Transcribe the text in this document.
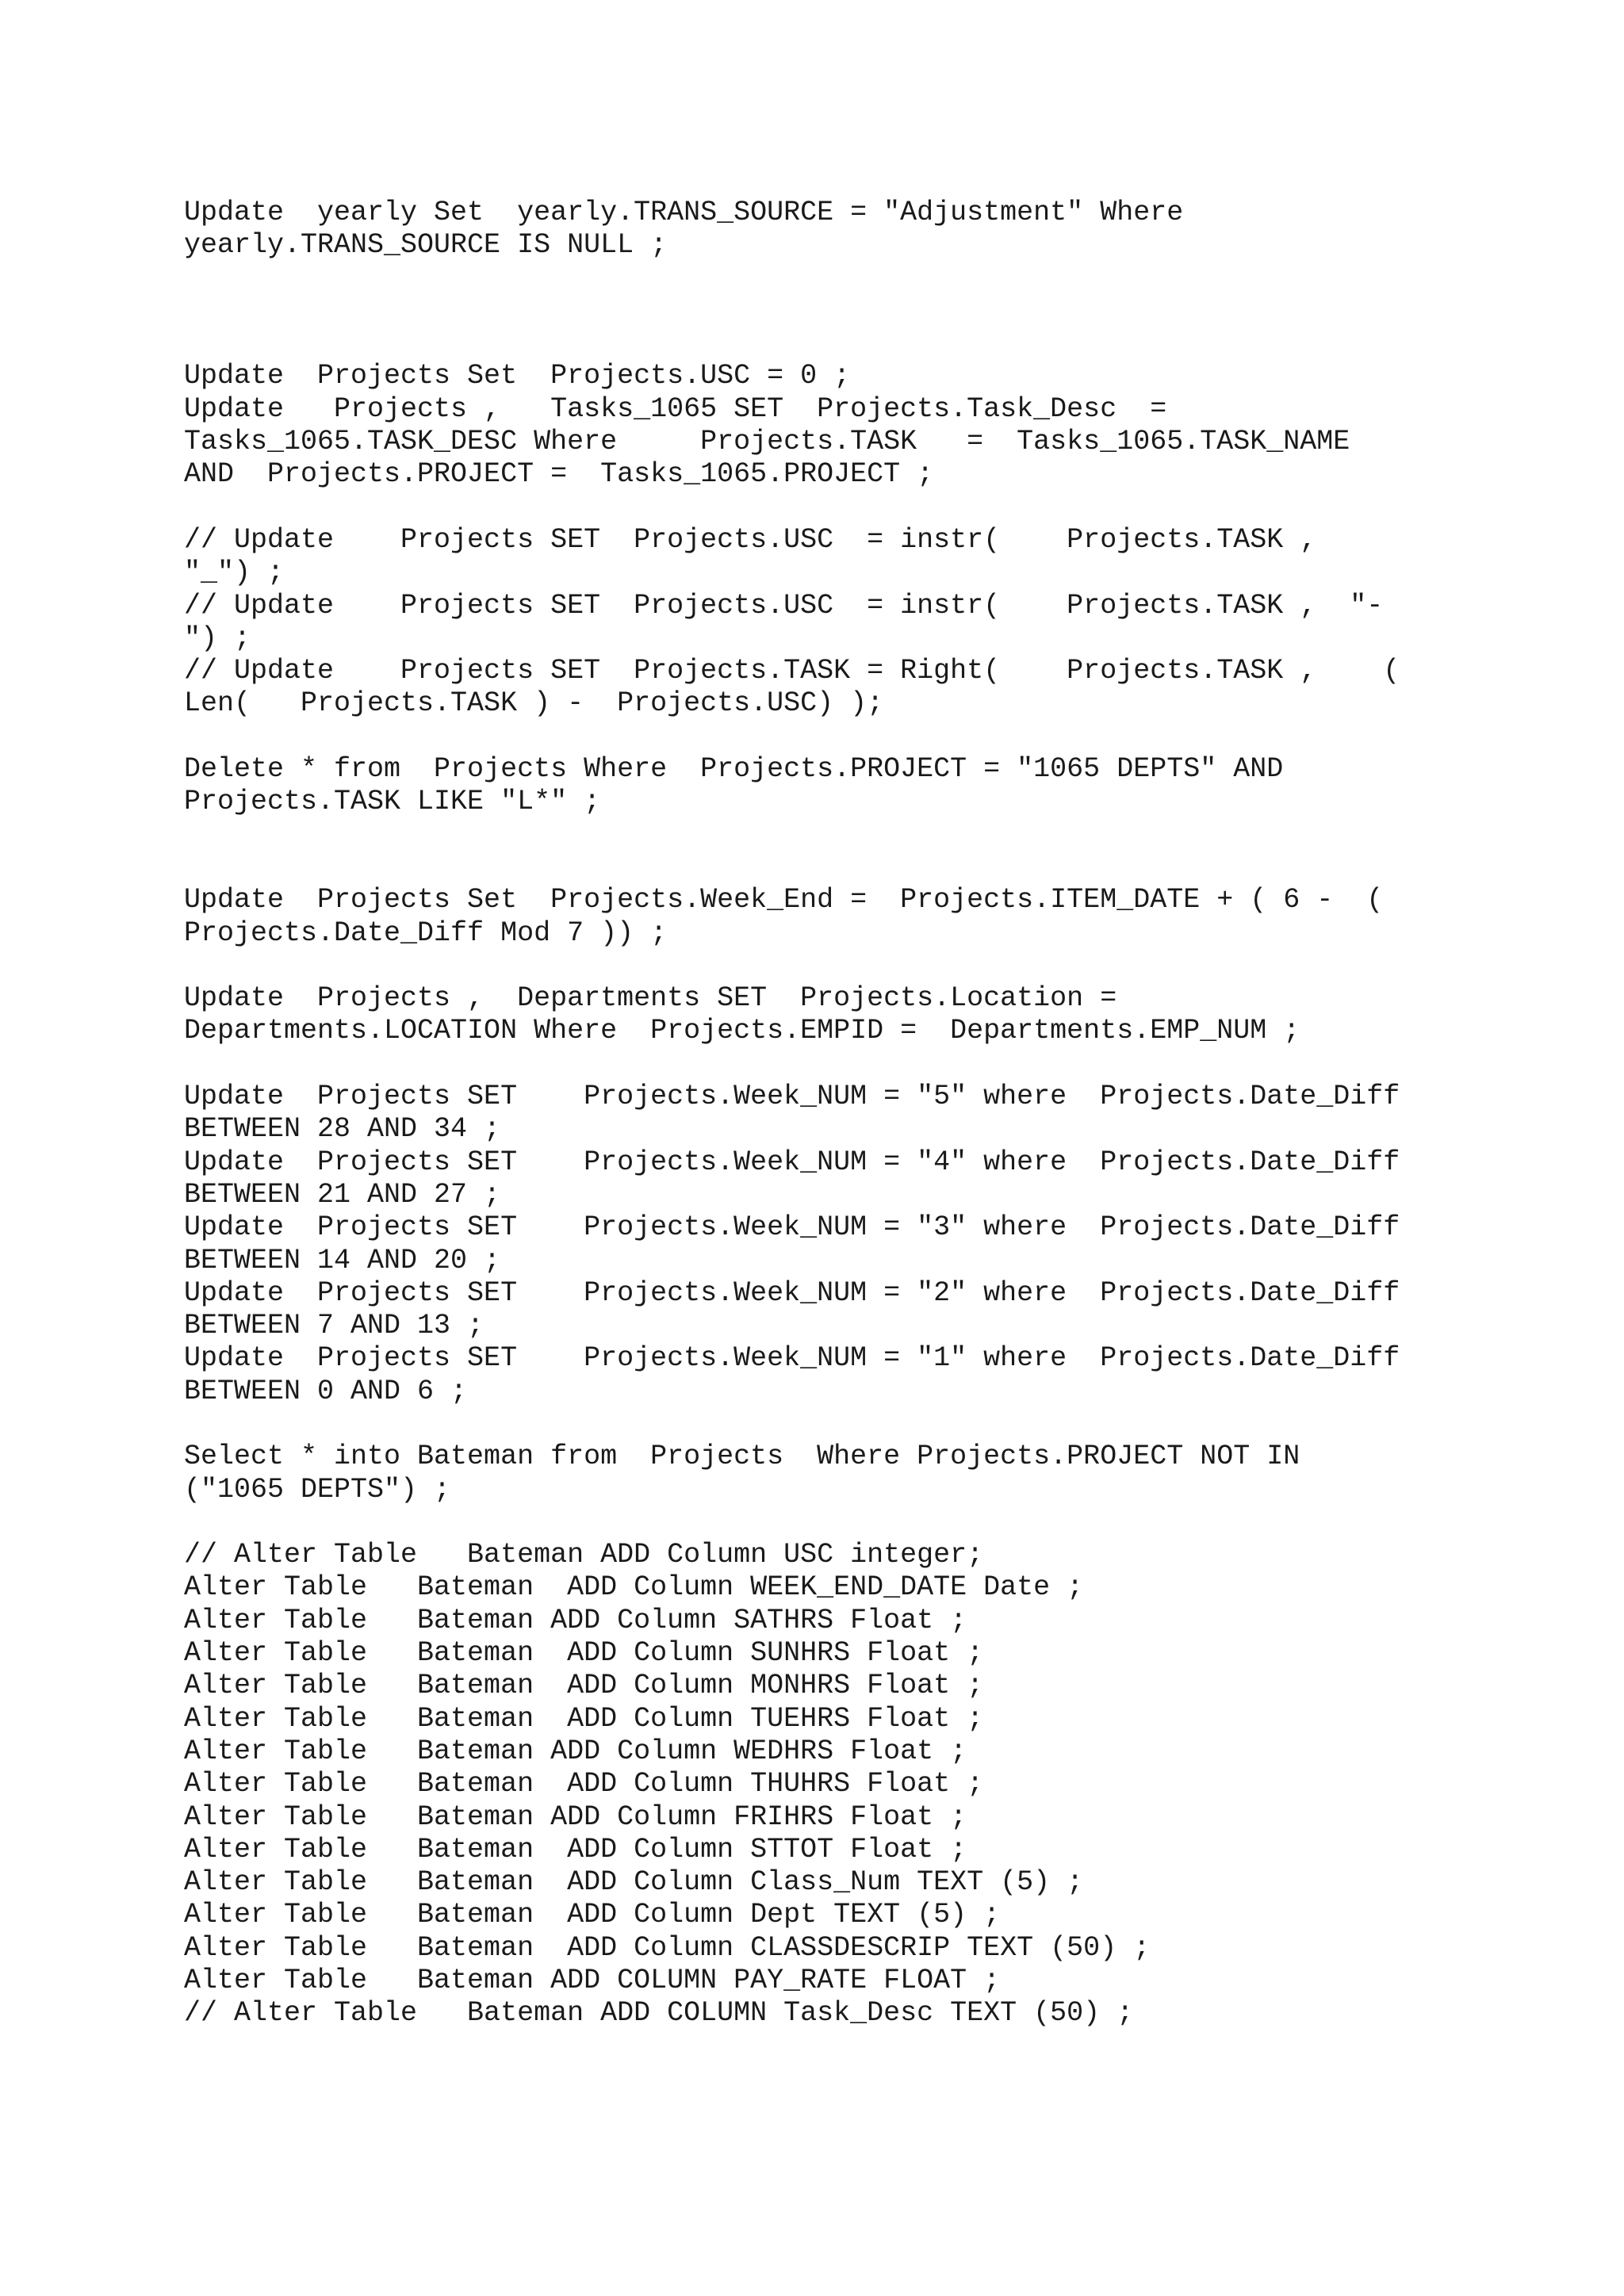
Update  yearly Set  yearly.TRANS_SOURCE = "Adjustment" Where
yearly.TRANS_SOURCE IS NULL ;
Update  Projects Set  Projects.USC = 0 ;
Update   Projects ,   Tasks_1065 SET  Projects.Task_Desc  =
Tasks_1065.TASK_DESC Where     Projects.TASK   =  Tasks_1065.TASK_NAME
AND  Projects.PROJECT =  Tasks_1065.PROJECT ;
// Update    Projects SET  Projects.USC  = instr(    Projects.TASK ,
"_") ;
// Update    Projects SET  Projects.USC  = instr(    Projects.TASK ,  "-
") ;
// Update    Projects SET  Projects.TASK = Right(    Projects.TASK ,    (
Len(   Projects.TASK ) -  Projects.USC) );
Delete * from  Projects Where  Projects.PROJECT = "1065 DEPTS" AND
Projects.TASK LIKE "L*" ;
Update  Projects Set  Projects.Week_End =  Projects.ITEM_DATE + ( 6 -  (
Projects.Date_Diff Mod 7 )) ;
Update  Projects ,  Departments SET  Projects.Location =
Departments.LOCATION Where  Projects.EMPID =  Departments.EMP_NUM ;
Update  Projects SET    Projects.Week_NUM = "5" where  Projects.Date_Diff
BETWEEN 28 AND 34 ;
Update  Projects SET    Projects.Week_NUM = "4" where  Projects.Date_Diff
BETWEEN 21 AND 27 ;
Update  Projects SET    Projects.Week_NUM = "3" where  Projects.Date_Diff
BETWEEN 14 AND 20 ;
Update  Projects SET    Projects.Week_NUM = "2" where  Projects.Date_Diff
BETWEEN 7 AND 13 ;
Update  Projects SET    Projects.Week_NUM = "1" where  Projects.Date_Diff
BETWEEN 0 AND 6 ;
Select * into Bateman from  Projects  Where Projects.PROJECT NOT IN
("1065 DEPTS") ;
// Alter Table   Bateman ADD Column USC integer;
Alter Table   Bateman  ADD Column WEEK_END_DATE Date ;
Alter Table   Bateman ADD Column SATHRS Float ;
Alter Table   Bateman  ADD Column SUNHRS Float ;
Alter Table   Bateman  ADD Column MONHRS Float ;
Alter Table   Bateman  ADD Column TUEHRS Float ;
Alter Table   Bateman ADD Column WEDHRS Float ;
Alter Table   Bateman  ADD Column THUHRS Float ;
Alter Table   Bateman ADD Column FRIHRS Float ;
Alter Table   Bateman  ADD Column STTOT Float ;
Alter Table   Bateman  ADD Column Class_Num TEXT (5) ;
Alter Table   Bateman  ADD Column Dept TEXT (5) ;
Alter Table   Bateman  ADD Column CLASSDESCRIP TEXT (50) ;
Alter Table   Bateman ADD COLUMN PAY_RATE FLOAT ;
// Alter Table   Bateman ADD COLUMN Task_Desc TEXT (50) ;
